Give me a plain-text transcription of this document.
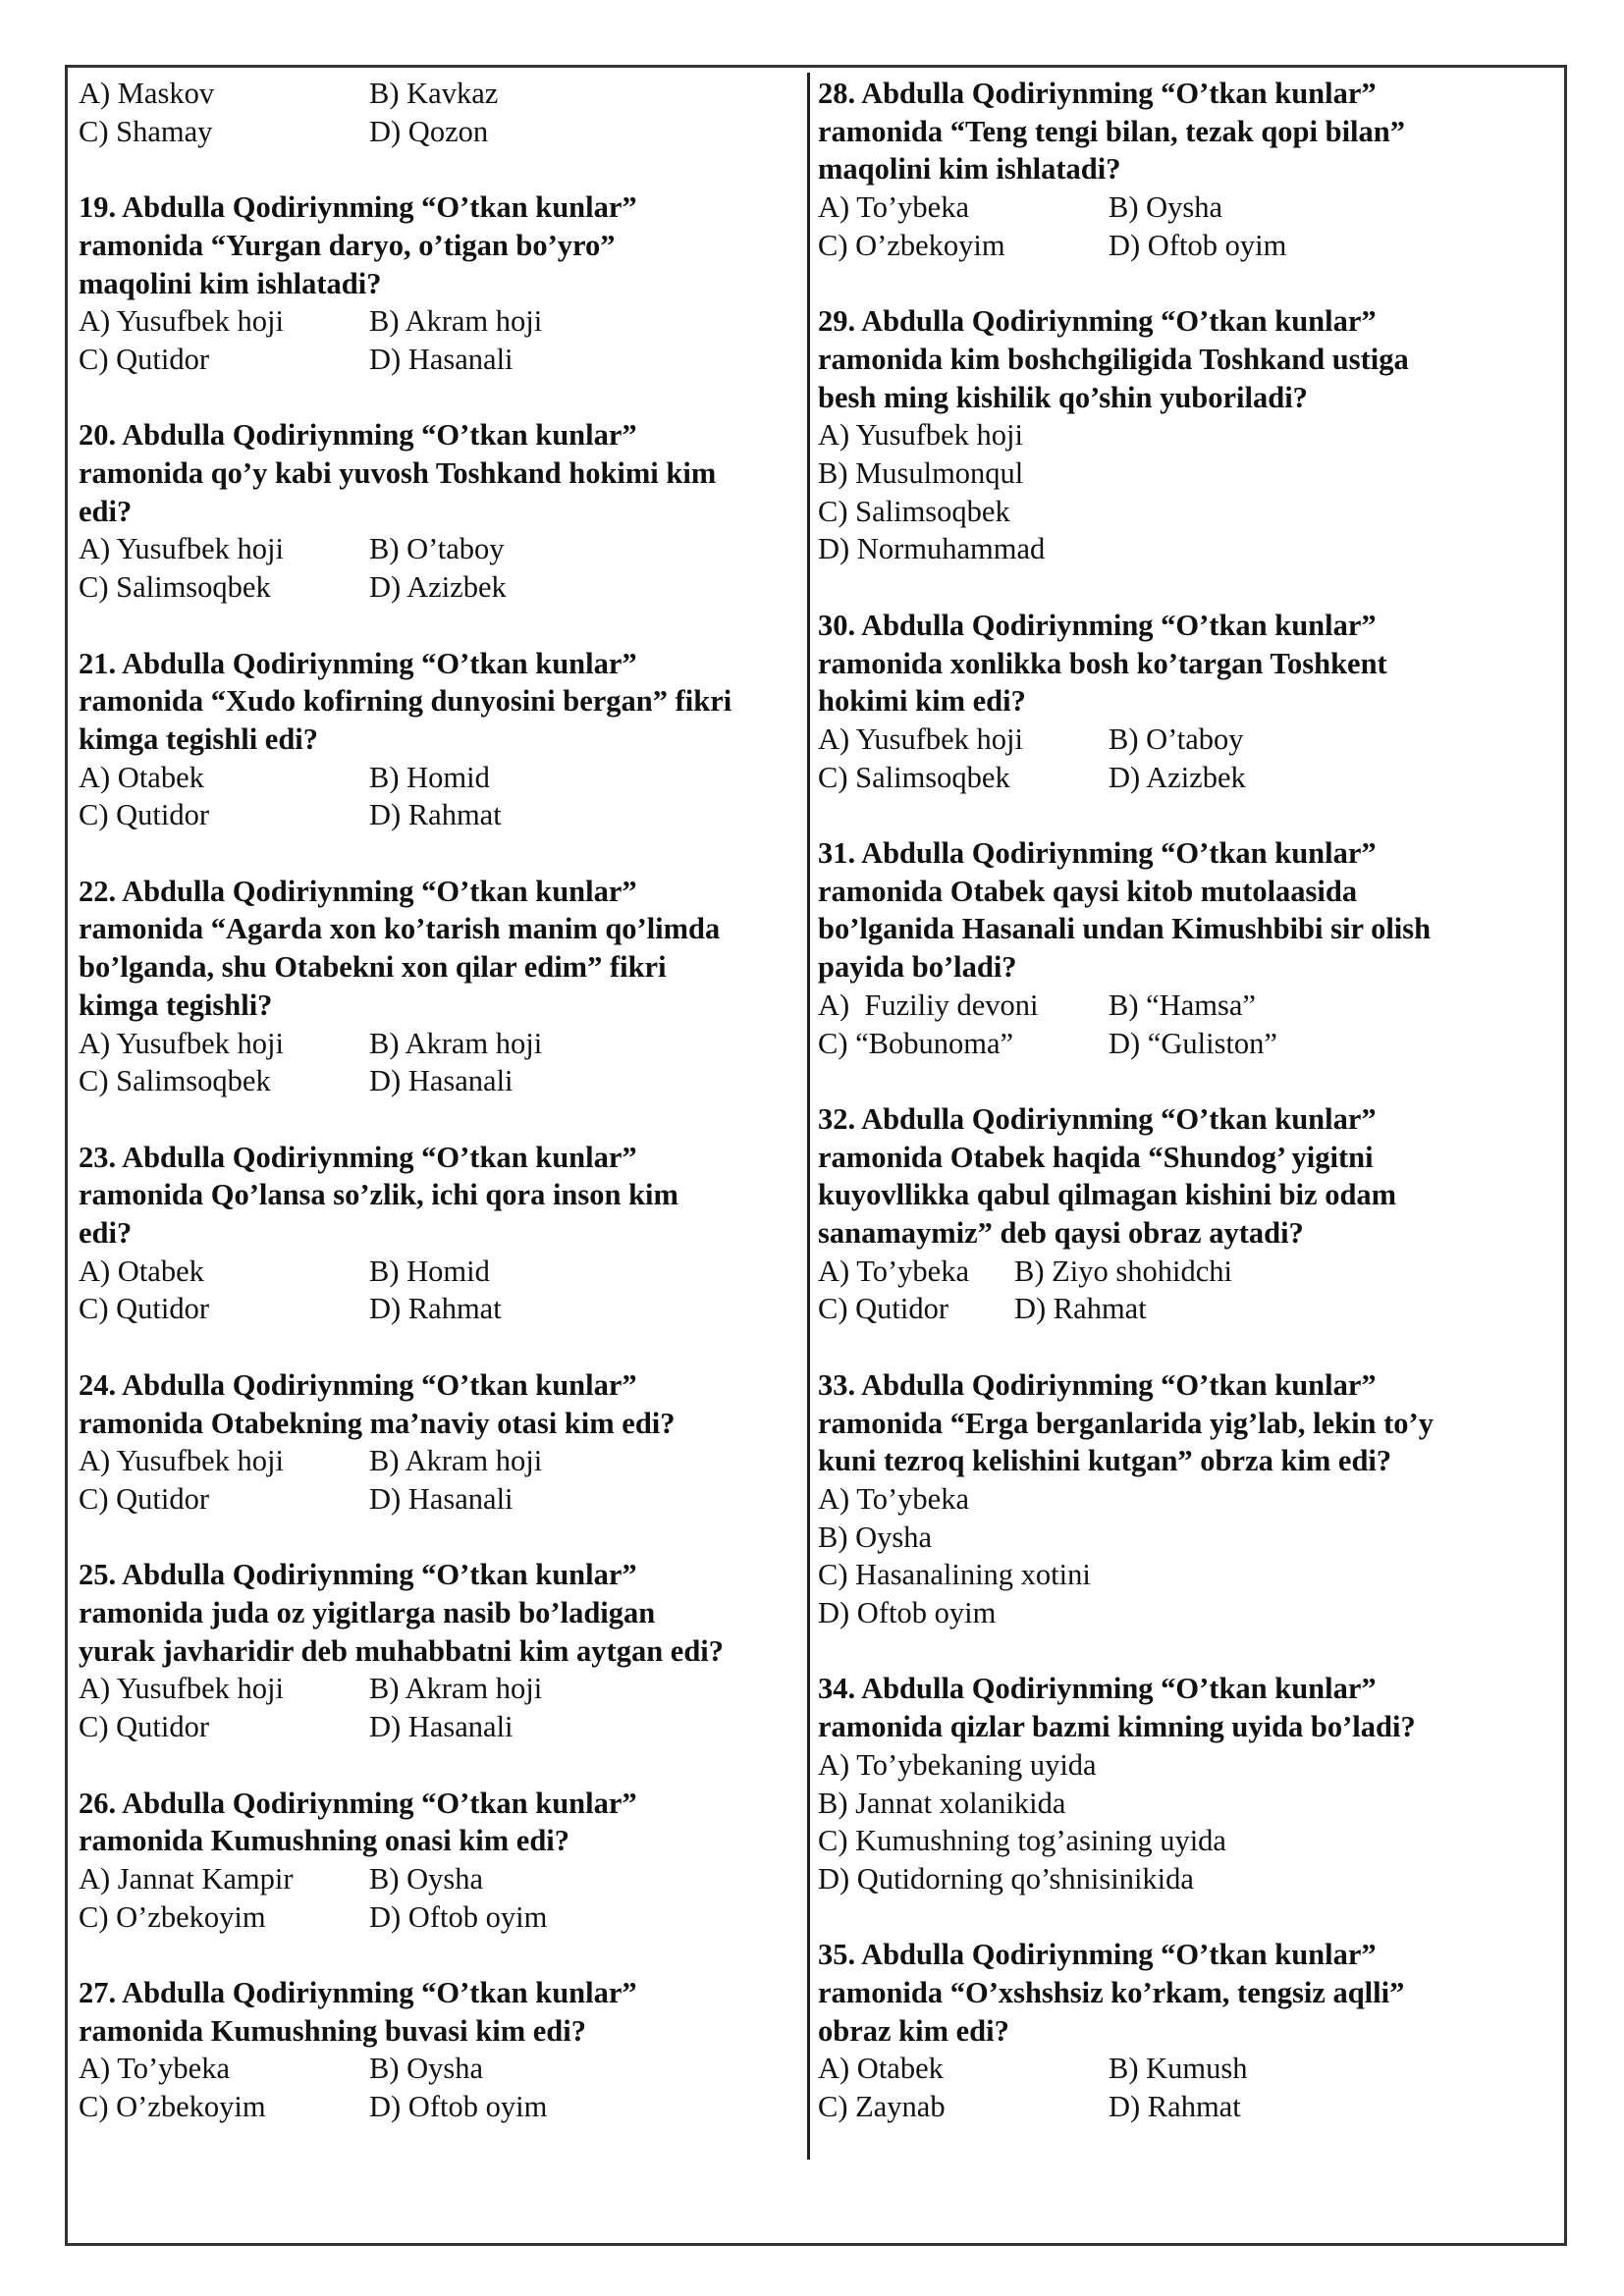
A) Maskov	B) Kavkaz
C) Shamay	D) Qozon
19. Abdulla Qodiriynming “O’tkan kunlar”
ramonida “Yurgan daryo, o’tigan bo’yro”
maqolini kim ishlatadi?
A) Yusufbek hoji	B) Akram hoji
C) Qutidor	D) Hasanali
20. Abdulla Qodiriynming “O’tkan kunlar”
ramonida qo’y kabi yuvosh Toshkand hokimi kim
edi?
A) Yusufbek hoji	B) O’taboy
C) Salimsoqbek	D) Azizbek
21. Abdulla Qodiriynming “O’tkan kunlar”
ramonida “Xudo kofirning dunyosini bergan” fikri
kimga tegishli edi?
A) Otabek	B) Homid
C) Qutidor	D) Rahmat
22. Abdulla Qodiriynming “O’tkan kunlar”
ramonida “Agarda xon ko’tarish manim qo’limda
bo’lganda, shu Otabekni xon qilar edim” fikri
kimga tegishli?
A) Yusufbek hoji	B) Akram hoji
C) Salimsoqbek	D) Hasanali
23. Abdulla Qodiriynming “O’tkan kunlar”
ramonida Qo’lansa so’zlik, ichi qora inson kim
edi?
A) Otabek	B) Homid
C) Qutidor	D) Rahmat
24. Abdulla Qodiriynming “O’tkan kunlar”
ramonida Otabekning ma’naviy otasi kim edi?
A) Yusufbek hoji	B) Akram hoji
C) Qutidor	D) Hasanali
25. Abdulla Qodiriynming “O’tkan kunlar”
ramonida juda oz yigitlarga nasib bo’ladigan
yurak javharidir deb muhabbatni kim aytgan edi?
A) Yusufbek hoji	B) Akram hoji
C) Qutidor	D) Hasanali
26. Abdulla Qodiriynming “O’tkan kunlar”
ramonida Kumushning onasi kim edi?
A) Jannat Kampir	B) Oysha
C) O’zbekoyim	D) Oftob oyim
27. Abdulla Qodiriynming “O’tkan kunlar”
ramonida Kumushning buvasi kim edi?
A) To’ybeka	B) Oysha
C) O’zbekoyim	D) Oftob oyim
28. Abdulla Qodiriynming “O’tkan kunlar”
ramonida “Teng tengi bilan, tezak qopi bilan”
maqolini kim ishlatadi?
A) To’ybeka	B) Oysha
C) O’zbekoyim	D) Oftob oyim
29. Abdulla Qodiriynming “O’tkan kunlar”
ramonida kim boshchgiligida Toshkand ustiga
besh ming kishilik qo’shin yuboriladi?
A) Yusufbek hoji
B) Musulmonqul
C) Salimsoqbek
D) Normuhammad
30. Abdulla Qodiriynming “O’tkan kunlar”
ramonida xonlikka bosh ko’targan Toshkent
hokimi kim edi?
A) Yusufbek hoji	B) O’taboy
C) Salimsoqbek	D) Azizbek
31. Abdulla Qodiriynming “O’tkan kunlar”
ramonida Otabek qaysi kitob mutolaasida
bo’lganida Hasanali undan Kimushbibi sir olish
payida bo’ladi?
A)  Fuziliy devoni	B) “Hamsa”
C) “Bobunoma”	D) “Guliston”
32. Abdulla Qodiriynming “O’tkan kunlar”
ramonida Otabek haqida “Shundog’ yigitni
kuyovllikka qabul qilmagan kishini biz odam
sanamaymiz” deb qaysi obraz aytadi?
A) To’ybeka	B) Ziyo shohidchi
C) Qutidor	D) Rahmat
33. Abdulla Qodiriynming “O’tkan kunlar”
ramonida “Erga berganlarida yig’lab, lekin to’y
kuni tezroq kelishini kutgan” obrza kim edi?
A) To’ybeka
B) Oysha
C) Hasanalining xotini
D) Oftob oyim
34. Abdulla Qodiriynming “O’tkan kunlar”
ramonida qizlar bazmi kimning uyida bo’ladi?
A) To’ybekaning uyida
B) Jannat xolanikida
C) Kumushning tog’asining uyida
D) Qutidorning qo’shnisinikida
35. Abdulla Qodiriynming “O’tkan kunlar”
ramonida “O’xshshsiz ko’rkam, tengsiz aqlli”
obraz kim edi?
A) Otabek	B) Kumush
C) Zaynab	D) Rahmat
